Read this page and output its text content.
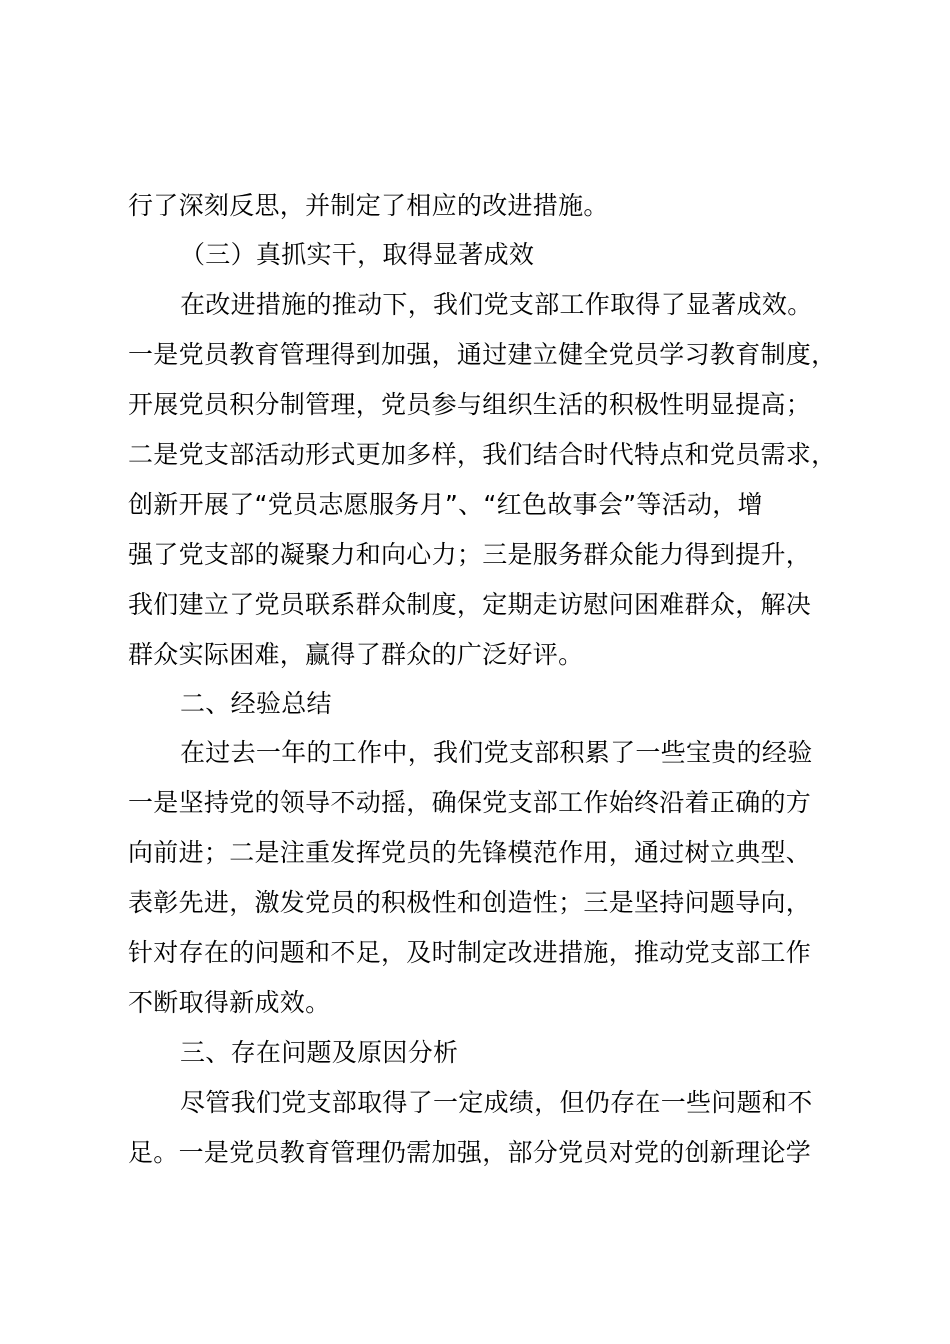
行了深刻反思，并制定了相应的改进措施。
（三）真抓实干，取得显著成效
在改进措施的推动下，我们党支部工作取得了显著成效。
一是党员教育管理得到加强，通过建立健全党员学习教育制度，
开展党员积分制管理，党员参与组织生活的积极性明显提高；
二是党支部活动形式更加多样，我们结合时代特点和党员需求，
创新开展了“党员志愿服务月”、“红色故事会”等活动，增
强了党支部的凝聚力和向心力；三是服务群众能力得到提升，
我们建立了党员联系群众制度，定期走访慰问困难群众，解决
群众实际困难，赢得了群众的广泛好评。
二、经验总结
在过去一年的工作中，我们党支部积累了一些宝贵的经验
一是坚持党的领导不动摇，确保党支部工作始终沿着正确的方
向前进；二是注重发挥党员的先锋模范作用，通过树立典型、
表彰先进，激发党员的积极性和创造性；三是坚持问题导向，
针对存在的问题和不足，及时制定改进措施，推动党支部工作
不断取得新成效。
三、存在问题及原因分析
尽管我们党支部取得了一定成绩，但仍存在一些问题和不
足。一是党员教育管理仍需加强，部分党员对党的创新理论学
